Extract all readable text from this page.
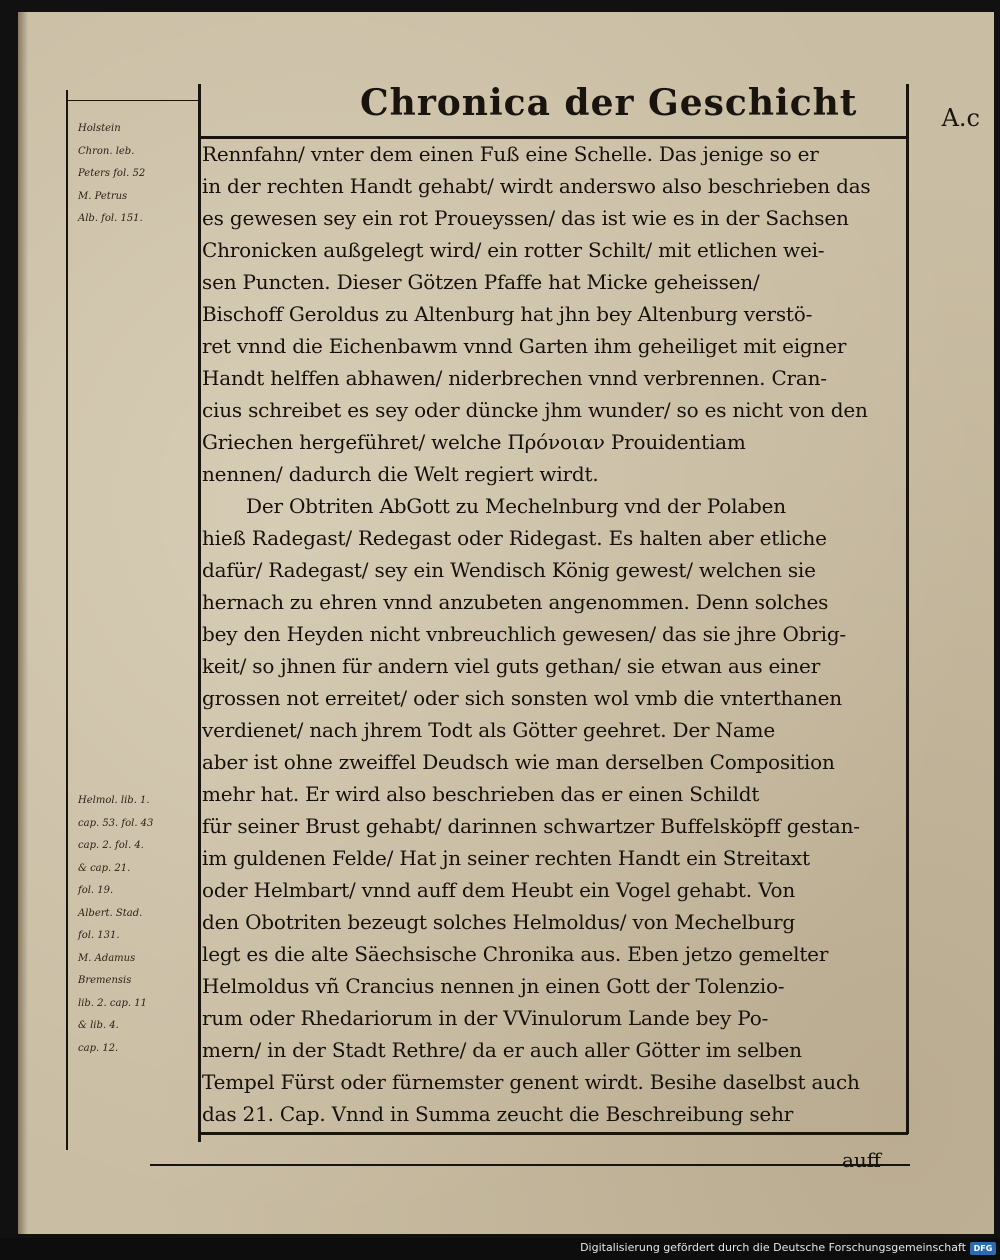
Chronica der Geschicht	A.c
Holstein
Chron. leb.
Peters fol. 52
M. Petrus
Alb. fol. 151.
Helmol. lib. 1.
cap. 53. fol. 43
cap. 2. fol. 4.
& cap. 21.
fol. 19.
Albert. Stad.
fol. 131.
M. Adamus
Bremensis
lib. 2. cap. 11
& lib. 4.
cap. 12.
Rennfahn/ vnter dem einen Fuß eine Schelle. Das jenige so er
in der rechten Handt gehabt/ wirdt anderswo also beschrieben das
es gewesen sey ein rot Proueyssen/ das ist wie es in der Sachsen
Chronicken außgelegt wird/ ein rotter Schilt/ mit etlichen wei-
sen Puncten. Dieser Götzen Pfaffe hat Micke geheissen/
Bischoff Geroldus zu Altenburg hat jhn bey Altenburg verstö-
ret vnnd die Eichenbawm vnnd Garten ihm geheiliget mit eigner
Handt helffen abhawen/ niderbrechen vnnd verbrennen. Cran-
cius schreibet es sey oder düncke jhm wunder/ so es nicht von den
Griechen hergeführet/ welche Πρόνοιαν Prouidentiam
nennen/ dadurch die Welt regiert wirdt.
Der Obtriten AbGott zu Mechelnburg vnd der Polaben
hieß Radegast/ Redegast oder Ridegast. Es halten aber etliche
dafür/ Radegast/ sey ein Wendisch König gewest/ welchen sie
hernach zu ehren vnnd anzubeten angenommen. Denn solches
bey den Heyden nicht vnbreuchlich gewesen/ das sie jhre Obrig-
keit/ so jhnen für andern viel guts gethan/ sie etwan aus einer
grossen not erreitet/ oder sich sonsten wol vmb die vnterthanen
verdienet/ nach jhrem Todt als Götter geehret. Der Name
aber ist ohne zweiffel Deudsch wie man derselben Composition
mehr hat. Er wird also beschrieben das er einen Schildt
für seiner Brust gehabt/ darinnen schwartzer Buffelsköpff gestan-
im guldenen Felde/ Hat jn seiner rechten Handt ein Streitaxt
oder Helmbart/ vnnd auff dem Heubt ein Vogel gehabt. Von
den Obotriten bezeugt solches Helmoldus/ von Mechelburg
legt es die alte Säechsische Chronika aus. Eben jetzo gemelter
Helmoldus vñ Crancius nennen jn einen Gott der Tolenzio-
rum oder Rhedariorum in der VVinulorum Lande bey Po-
mern/ in der Stadt Rethre/ da er auch aller Götter im selben
Tempel Fürst oder fürnemster genent wirdt. Besihe daselbst auch
das 21. Cap. Vnnd in Summa zeucht die Beschreibung sehr
auff
Digitalisierung gefördert durch die Deutsche Forschungsgemeinschaft DFG
